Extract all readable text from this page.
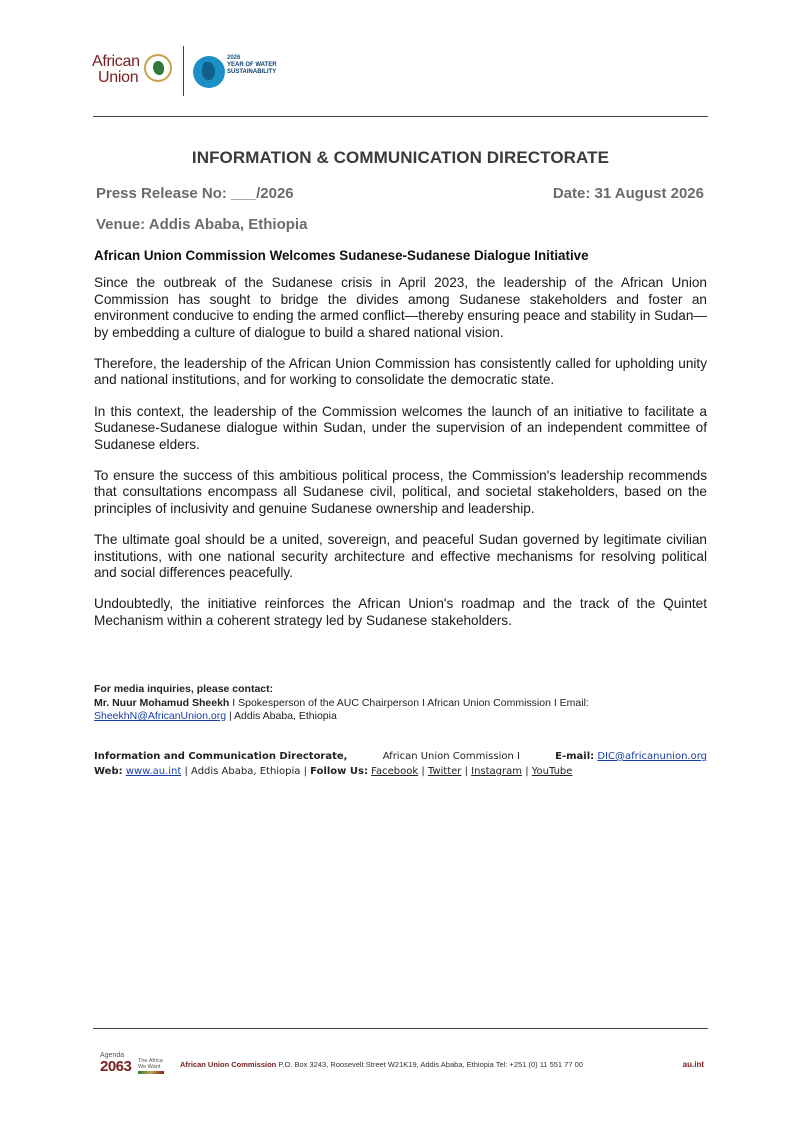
African
Union
2026
YEAR OF WATER
SUSTAINABILITY
INFORMATION & COMMUNICATION DIRECTORATE
Press Release No: ___/2026	Date: 31 August 2026
Venue: Addis Ababa, Ethiopia
African Union Commission Welcomes Sudanese-Sudanese Dialogue Initiative

Since the outbreak of the Sudanese crisis in April 2023, the leadership of the African Union Commission has sought to bridge the divides among Sudanese stakeholders and foster an environment conducive to ending the armed conflict—thereby ensuring peace and stability in Sudan—by embedding a culture of dialogue to build a shared national vision.

Therefore, the leadership of the African Union Commission has consistently called for upholding unity and national institutions, and for working to consolidate the democratic state.

In this context, the leadership of the Commission welcomes the launch of an initiative to facilitate a Sudanese-Sudanese dialogue within Sudan, under the supervision of an independent committee of Sudanese elders.

To ensure the success of this ambitious political process, the Commission's leadership recommends that consultations encompass all Sudanese civil, political, and societal stakeholders, based on the principles of inclusivity and genuine Sudanese ownership and leadership.

The ultimate goal should be a united, sovereign, and peaceful Sudan governed by legitimate civilian institutions, with one national security architecture and effective mechanisms for resolving political and social differences peacefully.

Undoubtedly, the initiative reinforces the African Union's roadmap and the track of the Quintet Mechanism within a coherent strategy led by Sudanese stakeholders.

For media inquiries, please contact:
Mr. Nuur Mohamud Sheekh I Spokesperson of the AUC Chairperson I African Union Commission I Email:
SheekhN@AfricanUnion.org | Addis Ababa, Ethiopia
Information and Communication Directorate,	African Union Commission I	E-mail: DIC@africanunion.org
Web: www.au.int | Addis Ababa, Ethiopia | Follow Us: Facebook | Twitter | Instagram | YouTube
Agenda
2063 The Africa
We Want	African Union Commission P.O. Box 3243, Roosevelt Street W21K19, Addis Ababa, Ethiopia Tel: +251 (0) 11 551 77 00	au.int
